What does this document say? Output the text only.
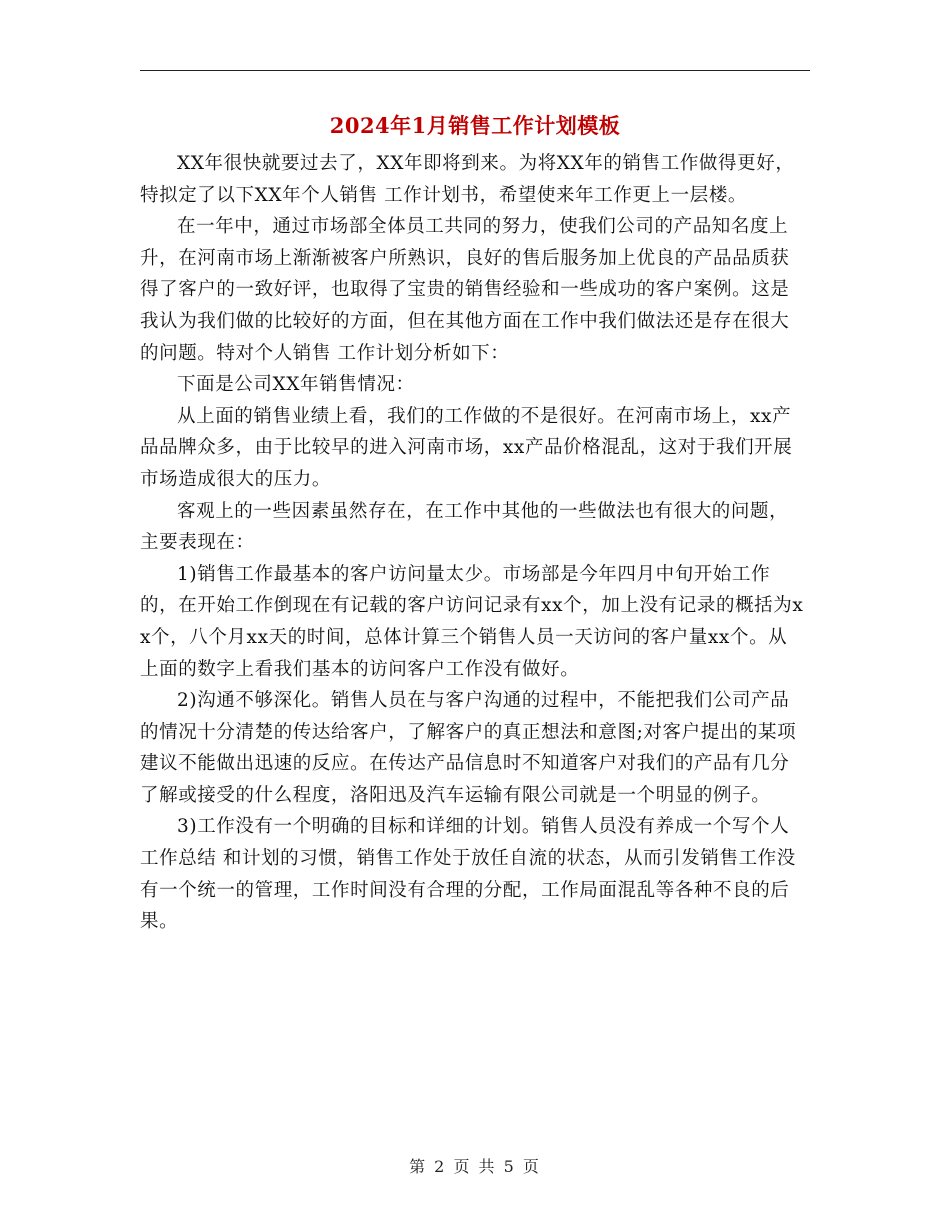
2024年1月销售工作计划模板

XX年很快就要过去了，XX年即将到来。为将XX年的销售工作做得更好，特拟定了以下XX年个人销售 工作计划书，希望使来年工作更上一层楼。

在一年中，通过市场部全体员工共同的努力，使我们公司的产品知名度上升，在河南市场上渐渐被客户所熟识，良好的售后服务加上优良的产品品质获得了客户的一致好评，也取得了宝贵的销售经验和一些成功的客户案例。这是我认为我们做的比较好的方面，但在其他方面在工作中我们做法还是存在很大的问题。特对个人销售 工作计划分析如下：

下面是公司XX年销售情况：

从上面的销售业绩上看，我们的工作做的不是很好。在河南市场上，xx产品品牌众多，由于比较早的进入河南市场，xx产品价格混乱，这对于我们开展市场造成很大的压力。

客观上的一些因素虽然存在，在工作中其他的一些做法也有很大的问题，主要表现在：

1)销售工作最基本的客户访问量太少。市场部是今年四月中旬开始工作的，在开始工作倒现在有记载的客户访问记录有xx个，加上没有记录的概括为xx个，八个月xx天的时间，总体计算三个销售人员一天访问的客户量xx个。从上面的数字上看我们基本的访问客户工作没有做好。

2)沟通不够深化。销售人员在与客户沟通的过程中，不能把我们公司产品的情况十分清楚的传达给客户，了解客户的真正想法和意图;对客户提出的某项建议不能做出迅速的反应。在传达产品信息时不知道客户对我们的产品有几分了解或接受的什么程度，洛阳迅及汽车运输有限公司就是一个明显的例子。

3)工作没有一个明确的目标和详细的计划。销售人员没有养成一个写个人 工作总结 和计划的习惯，销售工作处于放任自流的状态，从而引发销售工作没有一个统一的管理，工作时间没有合理的分配，工作局面混乱等各种不良的后果。

第 2 页 共 5 页
